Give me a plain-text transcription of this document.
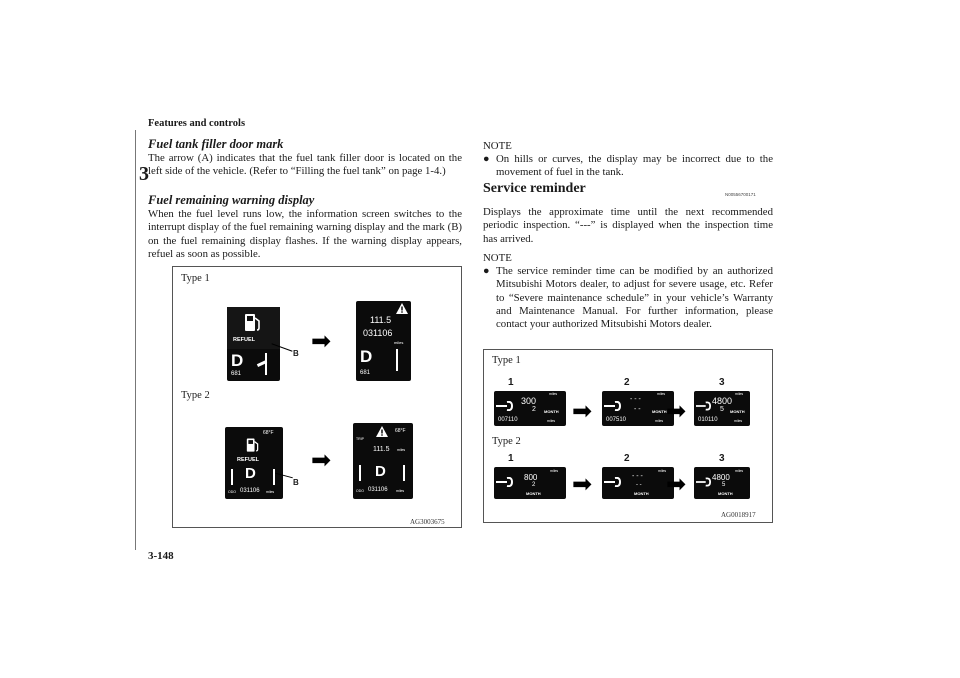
Features and controls
3
Fuel tank filler door mark
The arrow (A) indicates that the fuel tank filler door is located on the left side of the vehicle. (Refer to “Filling the fuel tank” on page 1-4.)
Fuel remaining warning display
When the fuel level runs low, the information screen switches to the interrupt display of the fuel remaining warning display and the mark (B) on the fuel remaining display flashes. If the warning display appears, refuel as soon as possible.
Type 1
Type 2
REFUEL
D
681
B ➡
111.5
031106
miles
D
681
68°F
REFUEL
D
ODO 031106 miles
B
➡
68°F
TRIP
111.5 miles
D
ODO 031106 miles
AG3003675
NOTE
● On hills or curves, the display may be incorrect due to the movement of fuel in the tank.
Service reminder	N00556700171
Displays the approximate time until the next recommended periodic inspection. “---” is displayed when the inspection time has arrived.
NOTE
● The service reminder time can be modified by an authorized Mitsubishi Motors dealer, to adjust for severe usage, etc. Refer to “Severe maintenance schedule” in your vehicle’s Warranty and Maintenance Manual. For further information, please contact your authorized Mitsubishi Motors dealer.
Type 1
Type 2
1	2	3
miles
300
2 MONTH
007110	miles ➡
miles
- - -
- -	MONTH
007510	miles ➡
miles
4800
5 MONTH
010110	miles
1	2	3
miles
800
2
MONTH ➡	miles
- - -
- -
MONTH ➡	miles
4800
5
MONTH
AG0018917
3-148
